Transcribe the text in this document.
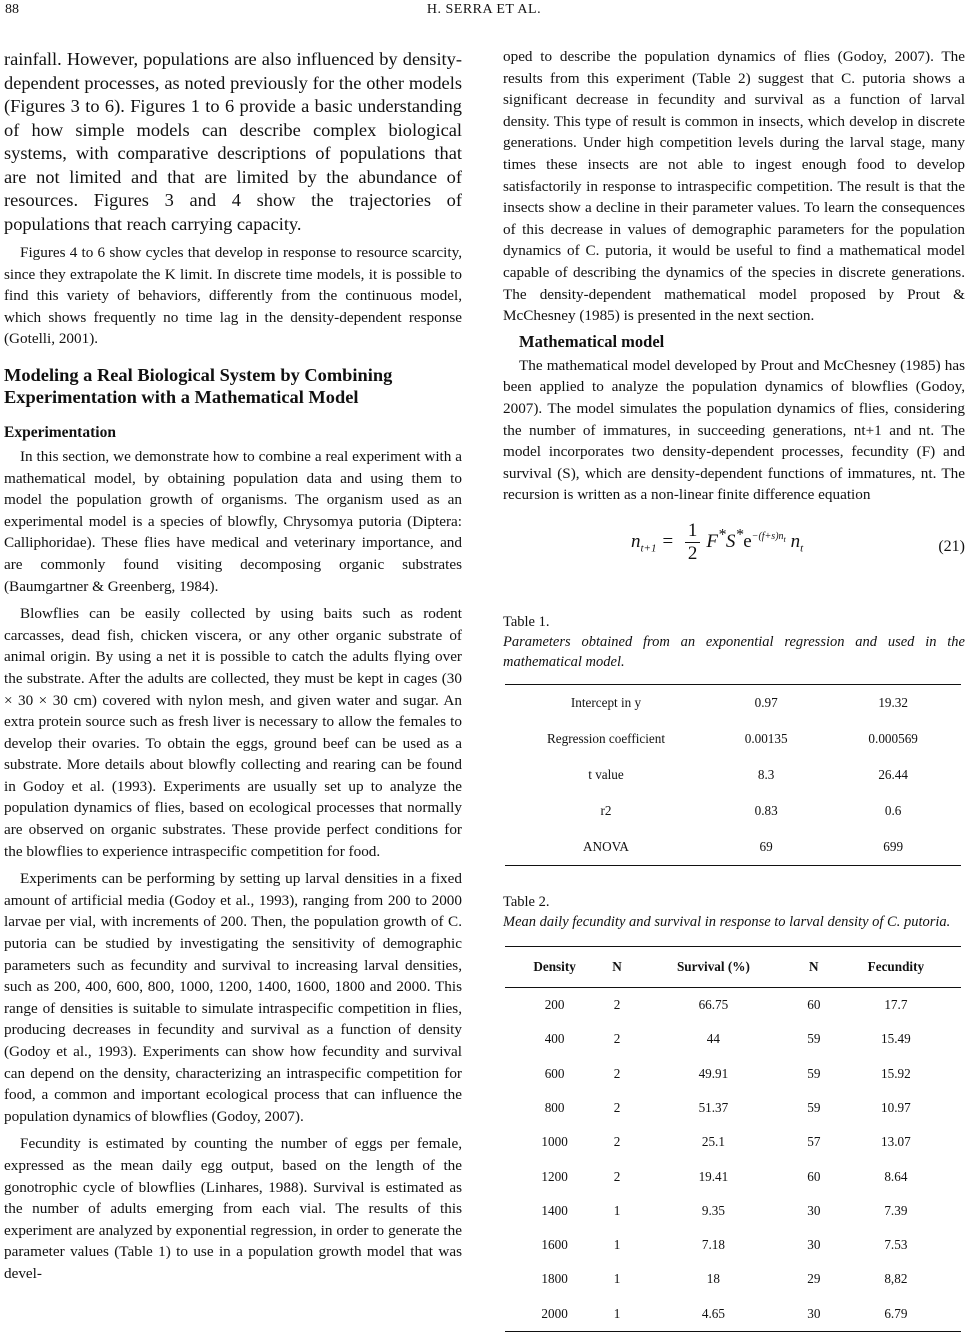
88	H. SERRA ET AL.

rainfall. However, populations are also influenced by density-dependent processes, as noted previously for the other models (Figures 3 to 6). Figures 1 to 6 provide a basic understanding of how simple models can describe complex biological systems, with comparative descriptions of populations that are not limited and that are limited by the abundance of resources. Figures 3 and 4 show the trajectories of populations that reach carrying capacity.

Figures 4 to 6 show cycles that develop in response to resource scarcity, since they extrapolate the K limit. In discrete time models, it is possible to find this variety of behaviors, differently from the continuous model, which shows frequently no time lag in the density-dependent response (Gotelli, 2001).

Modeling a Real Biological System by Combining Experimentation with a Mathematical Model
Experimentation

In this section, we demonstrate how to combine a real experiment with a mathematical model, by obtaining population data and using them to model the population growth of organisms. The organism used as an experimental model is a species of blowfly, Chrysomya putoria (Diptera: Calliphoridae). These flies have medical and veterinary importance, and are commonly found visiting decomposing organic substrates (Baumgartner & Greenberg, 1984).

Blowflies can be easily collected by using baits such as rodent carcasses, dead fish, chicken viscera, or any other organic substrate of animal origin. By using a net it is possible to catch the adults flying over the substrate. After the adults are collected, they must be kept in cages (30 × 30 × 30 cm) covered with nylon mesh, and given water and sugar. An extra protein source such as fresh liver is necessary to allow the females to develop their ovaries. To obtain the eggs, ground beef can be used as a substrate. More details about blowfly collecting and rearing can be found in Godoy et al. (1993). Experiments are usually set up to analyze the population dynamics of flies, based on ecological processes that normally are observed on organic substrates. These provide perfect conditions for the blowflies to experience intraspecific competition for food.

Experiments can be performing by setting up larval densities in a fixed amount of artificial media (Godoy et al., 1993), ranging from 200 to 2000 larvae per vial, with increments of 200. Then, the population growth of C. putoria can be studied by investigating the sensitivity of demographic parameters such as fecundity and survival to increasing larval densities, such as 200, 400, 600, 800, 1000, 1200, 1400, 1600, 1800 and 2000. This range of densities is suitable to simulate intraspecific competition in flies, producing decreases in fecundity and survival as a function of density (Godoy et al., 1993). Experiments can show how fecundity and survival can depend on the density, characterizing an intraspecific competition for food, a common and important ecological process that can influence the population dynamics of blowflies (Godoy, 2007).

Fecundity is estimated by counting the number of eggs per female, expressed as the mean daily egg output, based on the length of the gonotrophic cycle of blowflies (Linhares, 1988). Survival is estimated as the number of adults emerging from each vial. The results of this experiment are analyzed by exponential regression, in order to generate the parameter values (Table 1) to use in a population growth model that was devel-

oped to describe the population dynamics of flies (Godoy, 2007). The results from this experiment (Table 2) suggest that C. putoria shows a significant decrease in fecundity and survival as a function of larval density. This type of result is common in insects, which develop in discrete generations. Under high competition levels during the larval stage, many times these insects are not able to ingest enough food to develop satisfactorily in response to intraspecific competition. The result is that the insects show a decline in their parameter values. To learn the consequences of this decrease in values of demographic parameters for the population dynamics of C. putoria, it would be useful to find a mathematical model capable of describing the dynamics of the species in discrete generations. The density-dependent mathematical model proposed by Prout & McChesney (1985) is presented in the next section.

Mathematical model

The mathematical model developed by Prout and McChesney (1985) has been applied to analyze the population dynamics of blowflies (Godoy, 2007). The model simulates the population dynamics of flies, considering the number of immatures, in succeeding generations, nt+1 and nt. The model incorporates two density-dependent processes, fecundity (F) and survival (S), which are density-dependent functions of immatures, nt. The recursion is written as a non-linear finite difference equation

$n_{t+1} = \frac{1}{2} F^*S^*e^{-(f+s)n_t}$ $n_t$	(21)
Table 1.
Parameters obtained from an exponential regression and used in the mathematical model.
Intercept in y	0.97	19.32
Regression coefficient	0.00135	0.000569
t value	8.3	26.44
r2	0.83	0.6
ANOVA	69	699
Table 2.
Mean daily fecundity and survival in response to larval density of C. putoria.
Density	N	Survival (%)	N	Fecundity
200	2	66.75	60	17.7
400	2	44	59	15.49
600	2	49.91	59	15.92
800	2	51.37	59	10.97
1000	2	25.1	57	13.07
1200	2	19.41	60	8.64
1400	1	9.35	30	7.39
1600	1	7.18	30	7.53
1800	1	18	29	8,82
2000	1	4.65	30	6.79
